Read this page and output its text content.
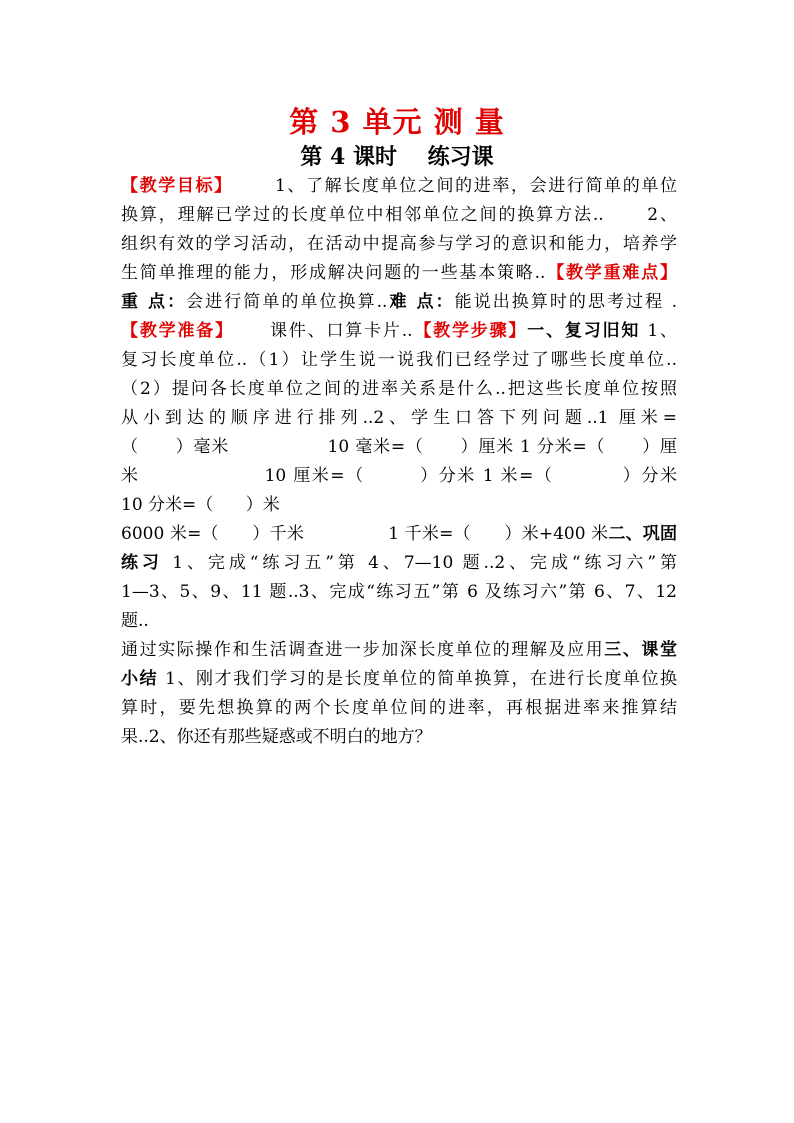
第 3 单元 测 量
第 4 课时    练习课
【教学目标】      1、了解长度单位之间的进率，会进行简单的单位
换算，理解已学过的长度单位中相邻单位之间的换算方法..      2、
组织有效的学习活动，在活动中提高参与学习的意识和能力，培养学
生简单推理的能力，形成解决问题的一些基本策略..【教学重难点】
重 点：会进行简单的单位换算..难 点：能说出换算时的思考过程 .
【教学准备】     课件、口算卡片..【教学步骤】一、复习旧知 1、
复习长度单位..（1）让学生说一说我们已经学过了哪些长度单位..
（2）提问各长度单位之间的进率关系是什么..把这些长度单位按照
从小到达的顺序进行排列..2、学生口答下列问题..1 厘米=
（      ）毫米                10 毫米=（      ）厘米 1 分米=（      ）厘
米                  10 厘米=（        ）分米 1 米=（          ）分米
10 分米=（      ）米
6000 米=（      ）千米               1 千米=（      ）米+400 米二、巩固
练习 1、完成“练习五”第 4、7—10 题..2、完成“练习六”第
1—3、5、9、11 题..3、完成“练习五”第 6 及练习六”第 6、7、12
题..
通过实际操作和生活调查进一步加深长度单位的理解及应用三、课堂
小结 1、刚才我们学习的是长度单位的简单换算，在进行长度单位换
算时，要先想换算的两个长度单位间的进率，再根据进率来推算结
果..2、你还有那些疑惑或不明白的地方？
